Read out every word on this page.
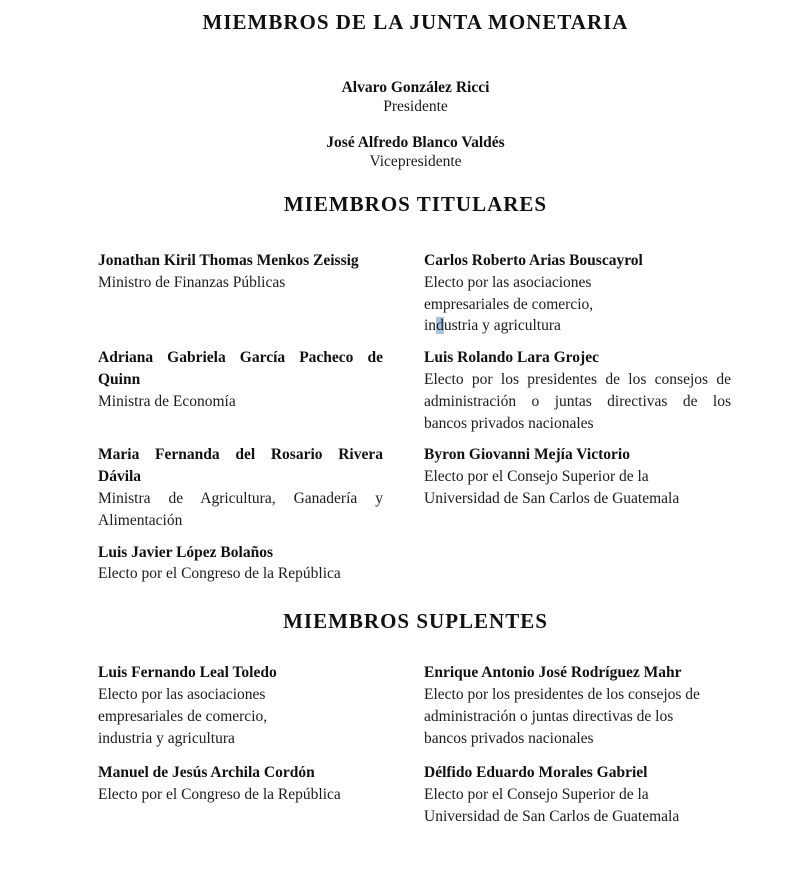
MIEMBROS DE LA JUNTA MONETARIA
Alvaro González Ricci
Presidente
José Alfredo Blanco Valdés
Vicepresidente
MIEMBROS TITULARES
Jonathan Kiril Thomas Menkos Zeissig
Ministro de Finanzas Públicas
Carlos Roberto Arias Bouscayrol
Electo por las asociaciones
empresariales de comercio,
industria y agricultura
Adriana Gabriela García Pacheco de
Quinn
Ministra de Economía
Luis Rolando Lara Grojec
Electo por los presidentes de los consejos de
administración o juntas directivas de los
bancos privados nacionales
Maria Fernanda del Rosario Rivera
Dávila
Ministra de Agricultura, Ganadería y
Alimentación
Byron Giovanni Mejía Victorio
Electo por el Consejo Superior de la
Universidad de San Carlos de Guatemala
Luis Javier López Bolaños
Electo por el Congreso de la República
MIEMBROS SUPLENTES
Luis Fernando Leal Toledo
Electo por las asociaciones
empresariales de comercio,
industria y agricultura
Enrique Antonio José Rodríguez Mahr
Electo por los presidentes de los consejos de
administración o juntas directivas de los
bancos privados nacionales
Manuel de Jesús Archila Cordón
Electo por el Congreso de la República
Délfido Eduardo Morales Gabriel
Electo por el Consejo Superior de la
Universidad de San Carlos de Guatemala
